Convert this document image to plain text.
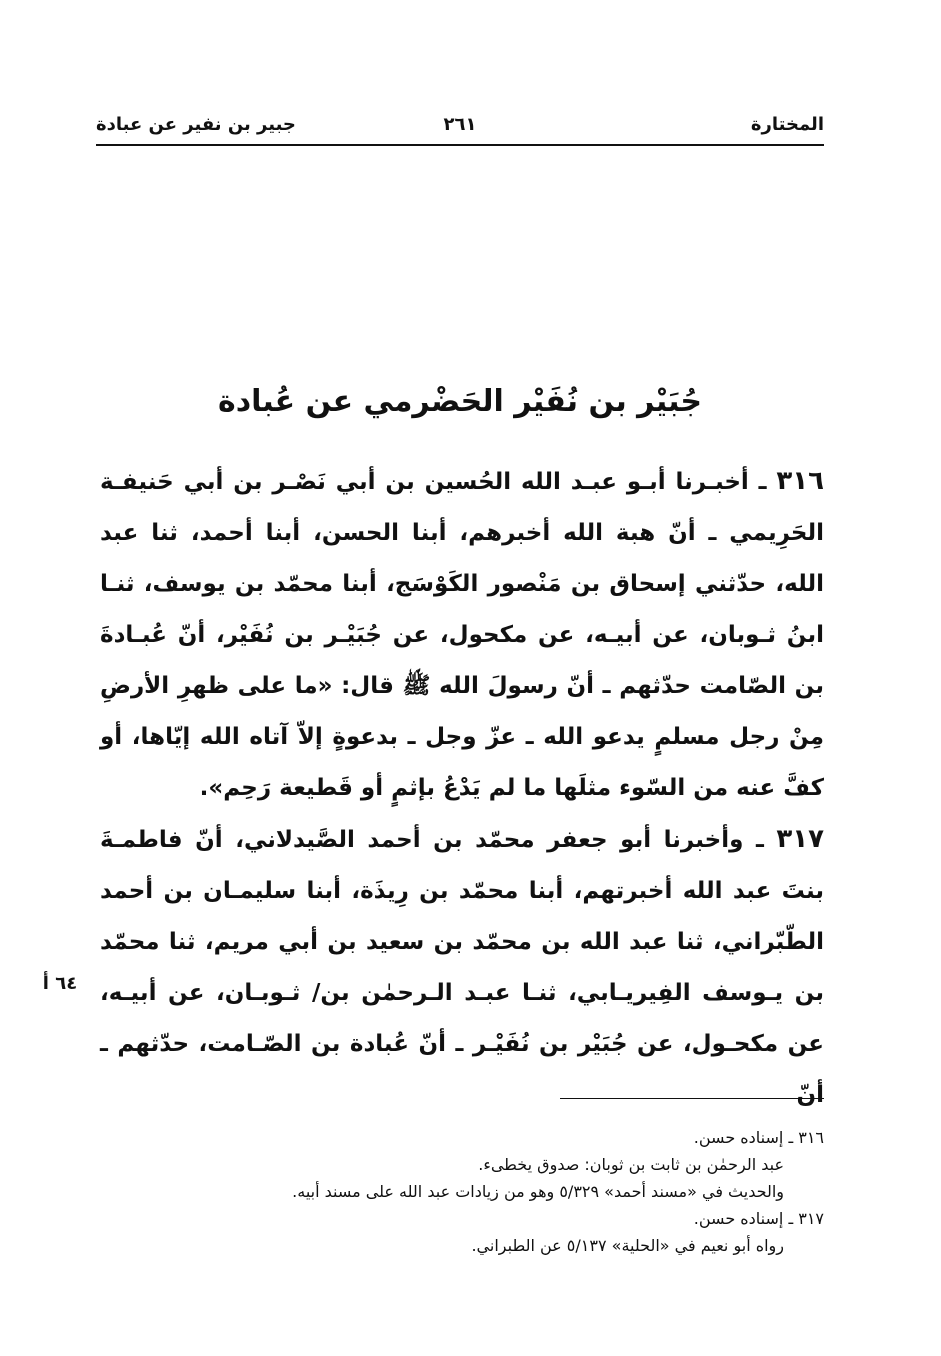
المختارة
٢٦١
جبير بن نفير عن عبادة
جُبَيْر بن نُفَيْر الحَضْرمي عن عُبادة
٣١٦ ـ أخبـرنا أبـو عبـد الله الحُسين بن أبي نَصْـر بن أبي حَنيفـة الحَرِيمي ـ أنّ هبة الله أخبرهم، أبنا الحسن، أبنا أحمد، ثنا عبد الله، حدّثني إسحاق بن مَنْصور الكَوْسَج، أبنا محمّد بن يوسف، ثنـا ابنُ ثـوبان، عن أبيـه، عن مكحول، عن جُبَيْـر بن نُفَيْر، أنّ عُبـادةَ بن الصّامت حدّثهم ـ أنّ رسولَ الله ﷺ قال: «ما على ظهرِ الأرضِ مِنْ رجل مسلمٍ يدعو الله ـ عزّ وجل ـ بدعوةٍ إلاّ آتاه الله إيّاها، أو كفَّ عنه من السّوء مثلَها ما لم يَدْعُ بإثمٍ أو قَطيعة رَحِم».
٣١٧ ـ وأخبرنا أبو جعفر محمّد بن أحمد الصَّيدلاني، أنّ فاطمـةَ بنتَ عبد الله أخبرتهم، أبنا محمّد بن رِيذَة، أبنا سليمـان بن أحمد الطّبّراني، ثنا عبد الله بن محمّد بن سعيد بن أبي مريم، ثنا محمّد بن يـوسف الفِيريـابي، ثنـا عبـد الـرحمٰن بن/ ثـوبـان، عن أبيـه، عن مكحـول، عن جُبَيْر بن نُفَيْـر ـ أنّ عُبادة بن الصّـامت، حدّثهم ـ أنّ
٦٤ أ
٣١٦ ـ إسناده حسن.
عبد الرحمٰن بن ثابت بن ثوبان: صدوق يخطىء.
والحديث في «مسند أحمد» ٥/٣٢٩ وهو من زيادات عبد الله على مسند أبيه.
٣١٧ ـ إسناده حسن.
رواه أبو نعيم في «الحلية» ٥/١٣٧ عن الطبراني.
